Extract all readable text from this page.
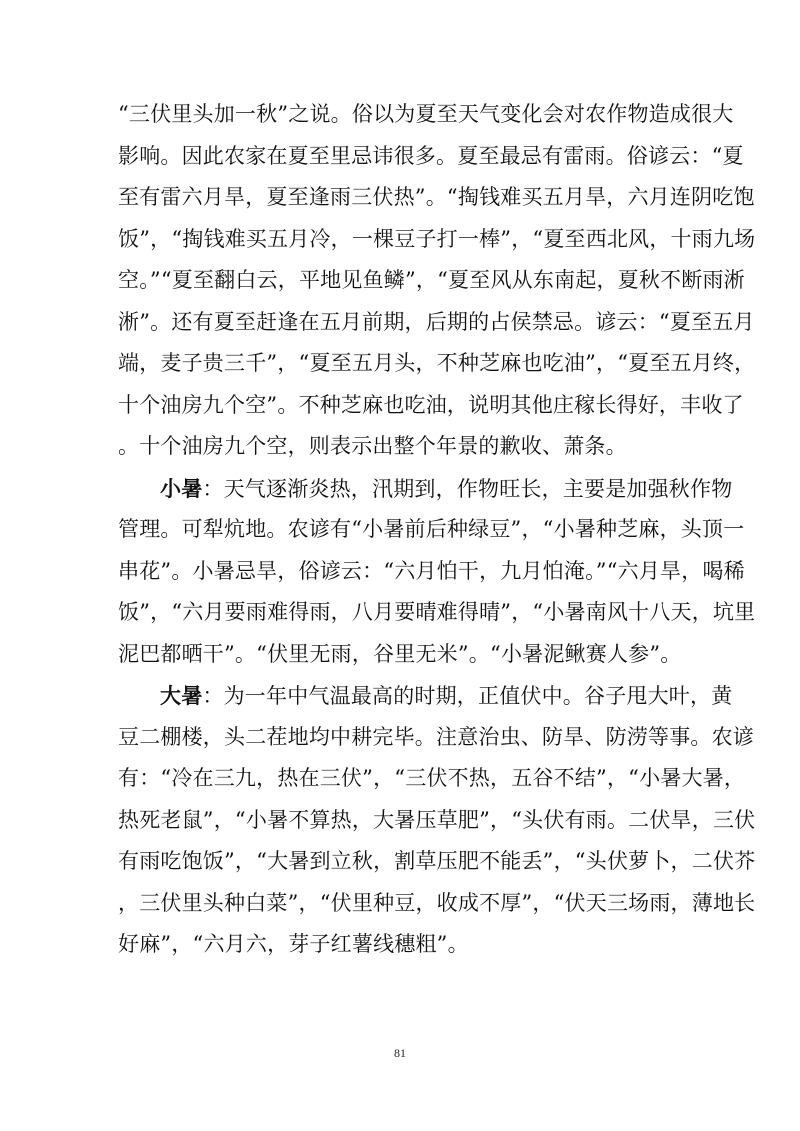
“三伏里头加一秋”之说。俗以为夏至天气变化会对农作物造成很大
影响。因此农家在夏至里忌讳很多。夏至最忌有雷雨。俗谚云：“夏
至有雷六月旱，夏至逢雨三伏热”。“掏钱难买五月旱，六月连阴吃饱
饭”，“掏钱难买五月冷，一棵豆子打一棒”，“夏至西北风，十雨九场
空。”“夏至翻白云，平地见鱼鳞”，“夏至风从东南起，夏秋不断雨淅
淅”。还有夏至赶逢在五月前期，后期的占侯禁忌。谚云：“夏至五月
端，麦子贵三千”，“夏至五月头，不种芝麻也吃油”，“夏至五月终，
十个油房九个空”。不种芝麻也吃油，说明其他庄稼长得好，丰收了
。十个油房九个空，则表示出整个年景的歉收、萧条。
小暑：天气逐渐炎热，汛期到，作物旺长，主要是加强秋作物
管理。可犁炕地。农谚有“小暑前后种绿豆”，“小暑种芝麻，头顶一
串花”。小暑忌旱，俗谚云：“六月怕干，九月怕淹。”“六月旱，喝稀
饭”，“六月要雨难得雨，八月要晴难得晴”，“小暑南风十八天，坑里
泥巴都晒干”。“伏里无雨，谷里无米”。“小暑泥鳅赛人参”。
大暑：为一年中气温最高的时期，正值伏中。谷子甩大叶，黄
豆二棚楼，头二茬地均中耕完毕。注意治虫、防旱、防涝等事。农谚
有：“冷在三九，热在三伏”，“三伏不热，五谷不结”，“小暑大暑，
热死老鼠”，“小暑不算热，大暑压草肥”，“头伏有雨。二伏旱，三伏
有雨吃饱饭”，“大暑到立秋，割草压肥不能丢”，“头伏萝卜，二伏芥
，三伏里头种白菜”，“伏里种豆，收成不厚”，“伏天三场雨，薄地长
好麻”，“六月六，芽子红薯线穗粗”。
81
